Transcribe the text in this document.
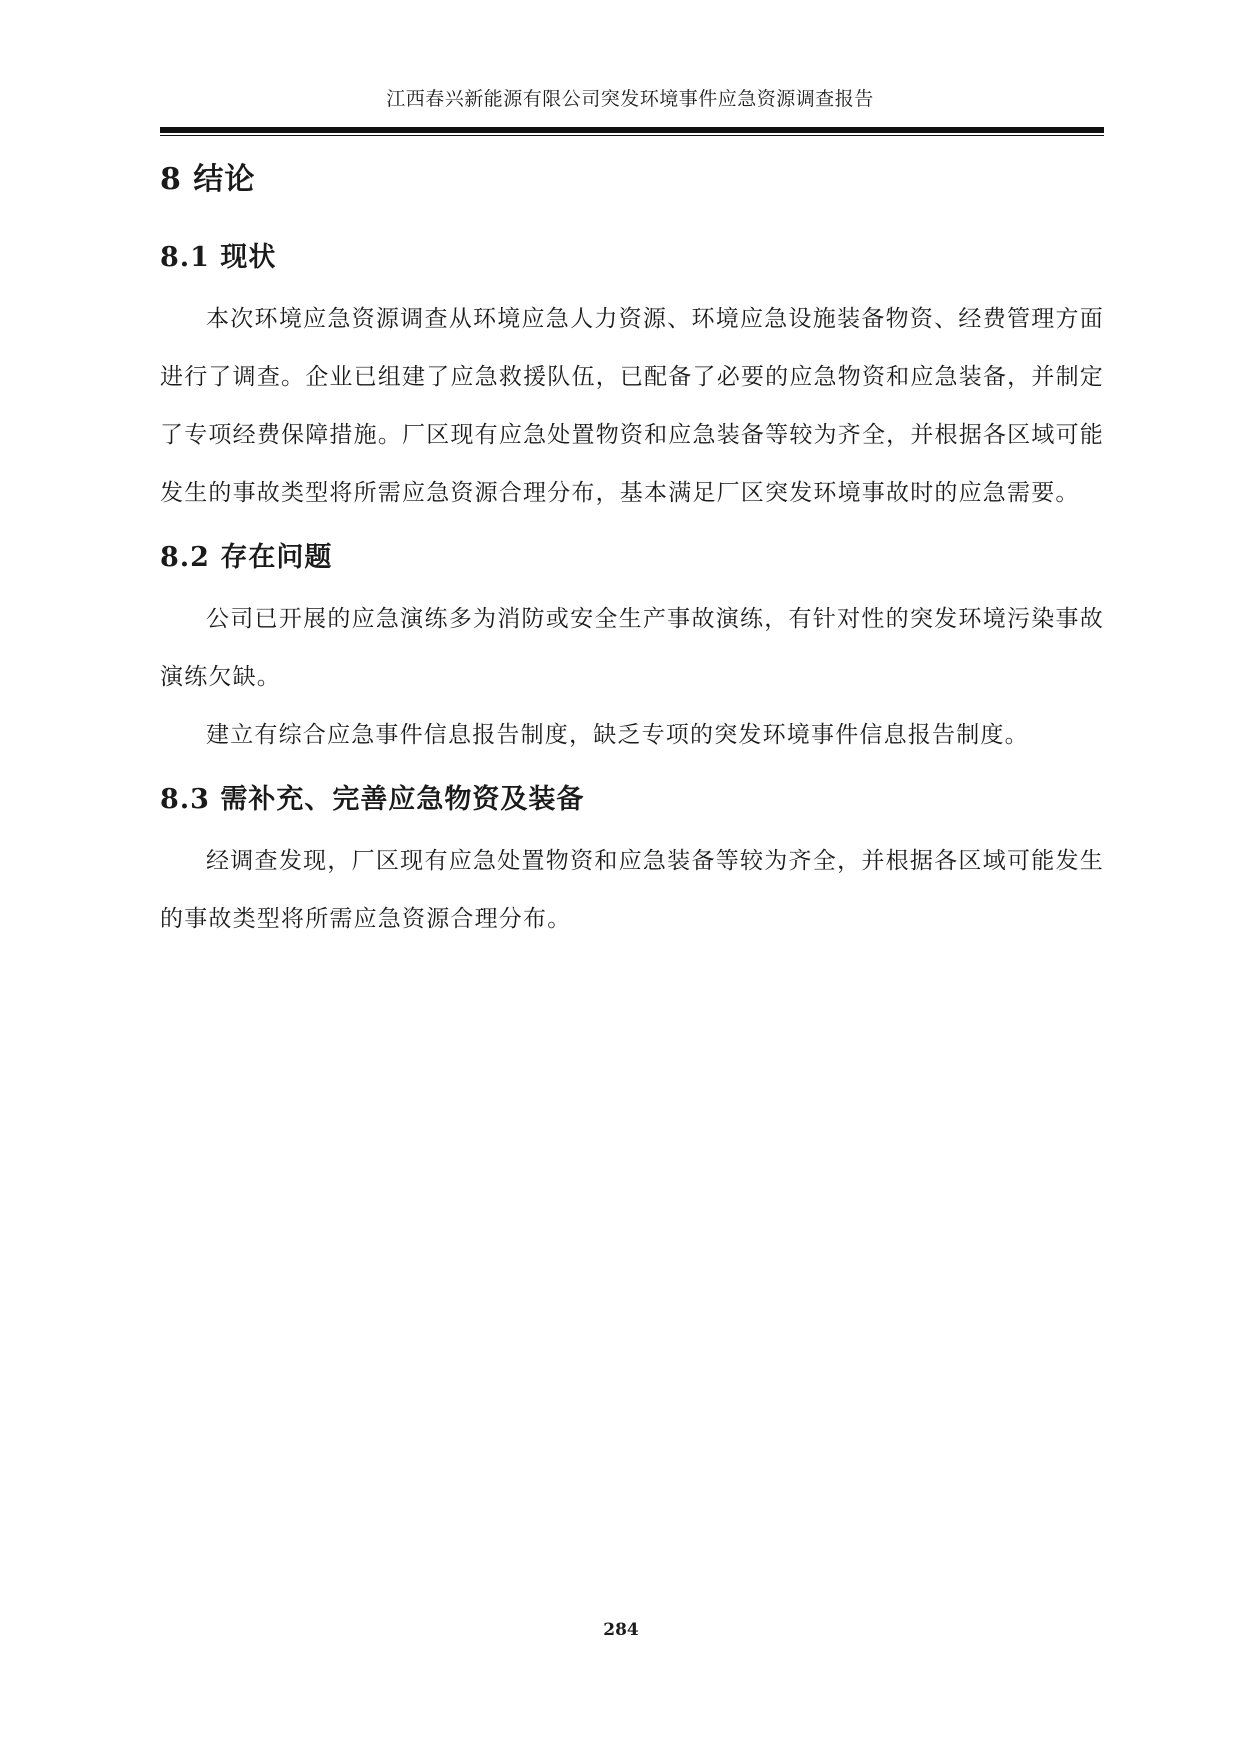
江西春兴新能源有限公司突发环境事件应急资源调查报告
8 结论
8.1 现状

本次环境应急资源调查从环境应急人力资源、环境应急设施装备物资、经费管理方面进行了调查。企业已组建了应急救援队伍，已配备了必要的应急物资和应急装备，并制定了专项经费保障措施。厂区现有应急处置物资和应急装备等较为齐全，并根据各区域可能发生的事故类型将所需应急资源合理分布，基本满足厂区突发环境事故时的应急需要。

8.2 存在问题

公司已开展的应急演练多为消防或安全生产事故演练，有针对性的突发环境污染事故演练欠缺。

建立有综合应急事件信息报告制度，缺乏专项的突发环境事件信息报告制度。

8.3 需补充、完善应急物资及装备

经调查发现，厂区现有应急处置物资和应急装备等较为齐全，并根据各区域可能发生的事故类型将所需应急资源合理分布。

284
